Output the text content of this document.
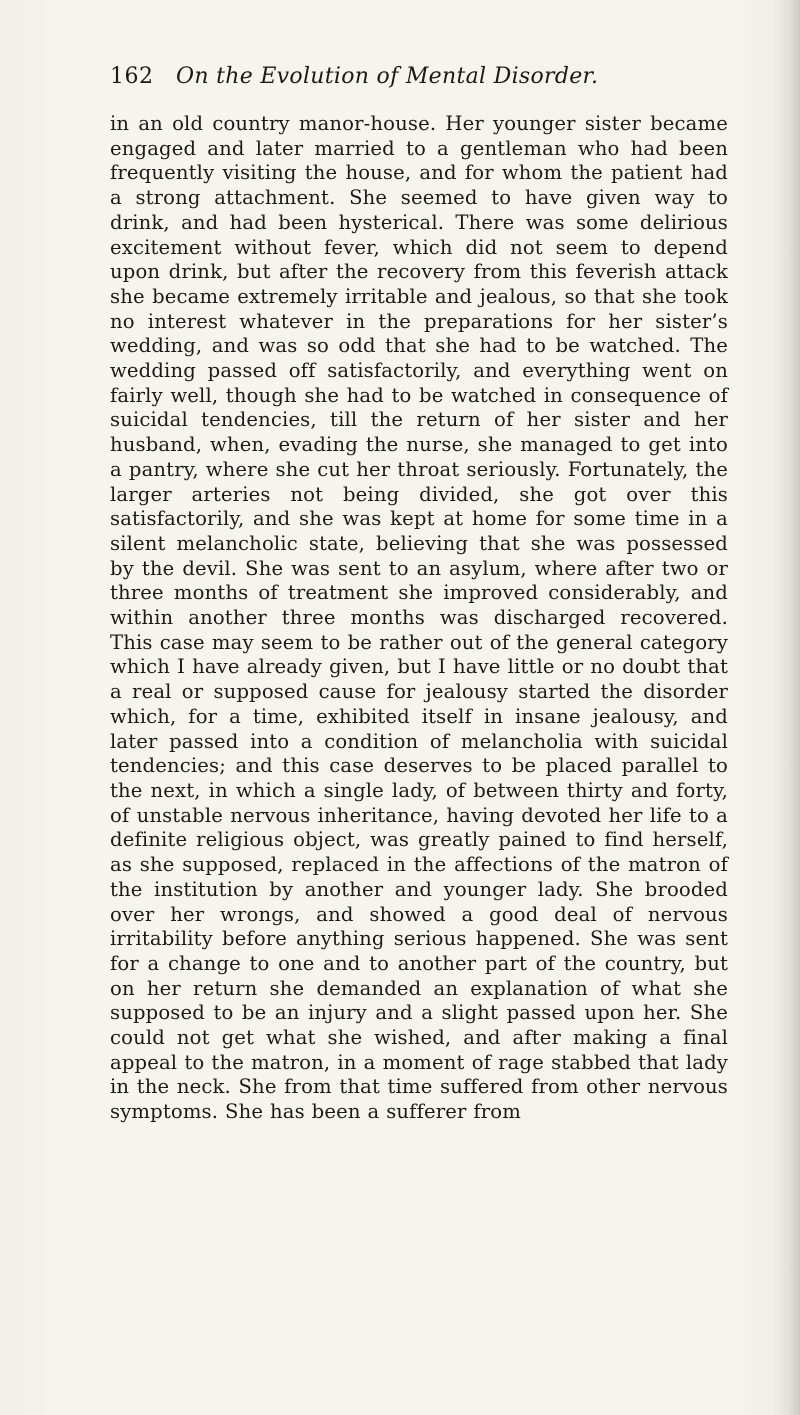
162 On the Evolution of Mental Disorder.

in an old country manor-house. Her younger sister became engaged and later married to a gentleman who had been frequently visiting the house, and for whom the patient had a strong attachment. She seemed to have given way to drink, and had been hysterical. There was some delirious excitement without fever, which did not seem to depend upon drink, but after the recovery from this feverish attack she became extremely irritable and jealous, so that she took no interest whatever in the preparations for her sister’s wedding, and was so odd that she had to be watched. The wedding passed off satisfactorily, and everything went on fairly well, though she had to be watched in consequence of suicidal tendencies, till the return of her sister and her husband, when, evading the nurse, she managed to get into a pantry, where she cut her throat seriously. Fortunately, the larger arteries not being divided, she got over this satisfactorily, and she was kept at home for some time in a silent melancholic state, believing that she was possessed by the devil. She was sent to an asylum, where after two or three months of treatment she improved considerably, and within another three months was discharged recovered. This case may seem to be rather out of the general category which I have already given, but I have little or no doubt that a real or supposed cause for jealousy started the disorder which, for a time, exhibited itself in insane jealousy, and later passed into a condition of melancholia with suicidal tendencies; and this case deserves to be placed parallel to the next, in which a single lady, of between thirty and forty, of unstable nervous inheritance, having devoted her life to a definite religious object, was greatly pained to find herself, as she supposed, replaced in the affections of the matron of the institution by another and younger lady. She brooded over her wrongs, and showed a good deal of nervous irritability before anything serious happened. She was sent for a change to one and to another part of the country, but on her return she demanded an explanation of what she supposed to be an injury and a slight passed upon her. She could not get what she wished, and after making a final appeal to the matron, in a moment of rage stabbed that lady in the neck. She from that time suffered from other nervous symptoms. She has been a sufferer from
